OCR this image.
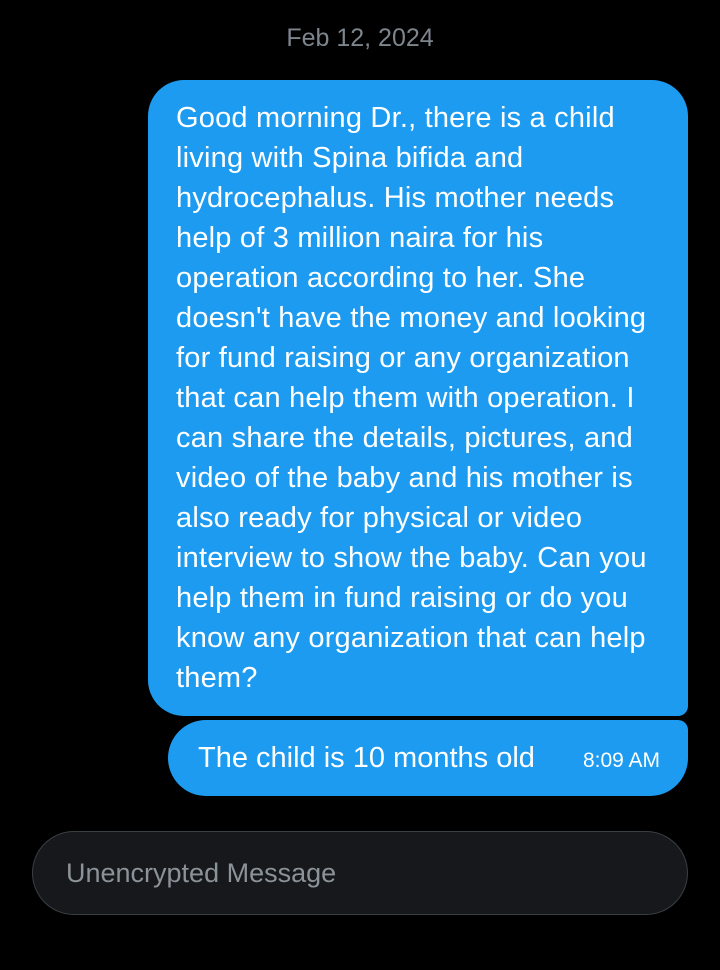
Feb 12, 2024
Good morning Dr., there is a child living with Spina bifida and hydrocephalus. His mother needs help of 3 million naira for his operation according to her. She doesn't have the money and looking for fund raising or any organization that can help them with operation. I can share the details, pictures, and video of the baby and his mother is also ready for physical or video interview to show the baby. Can you help them in fund raising or do you know any organization that can help them?
The child is 10 months old 8:09 AM
Unencrypted Message
